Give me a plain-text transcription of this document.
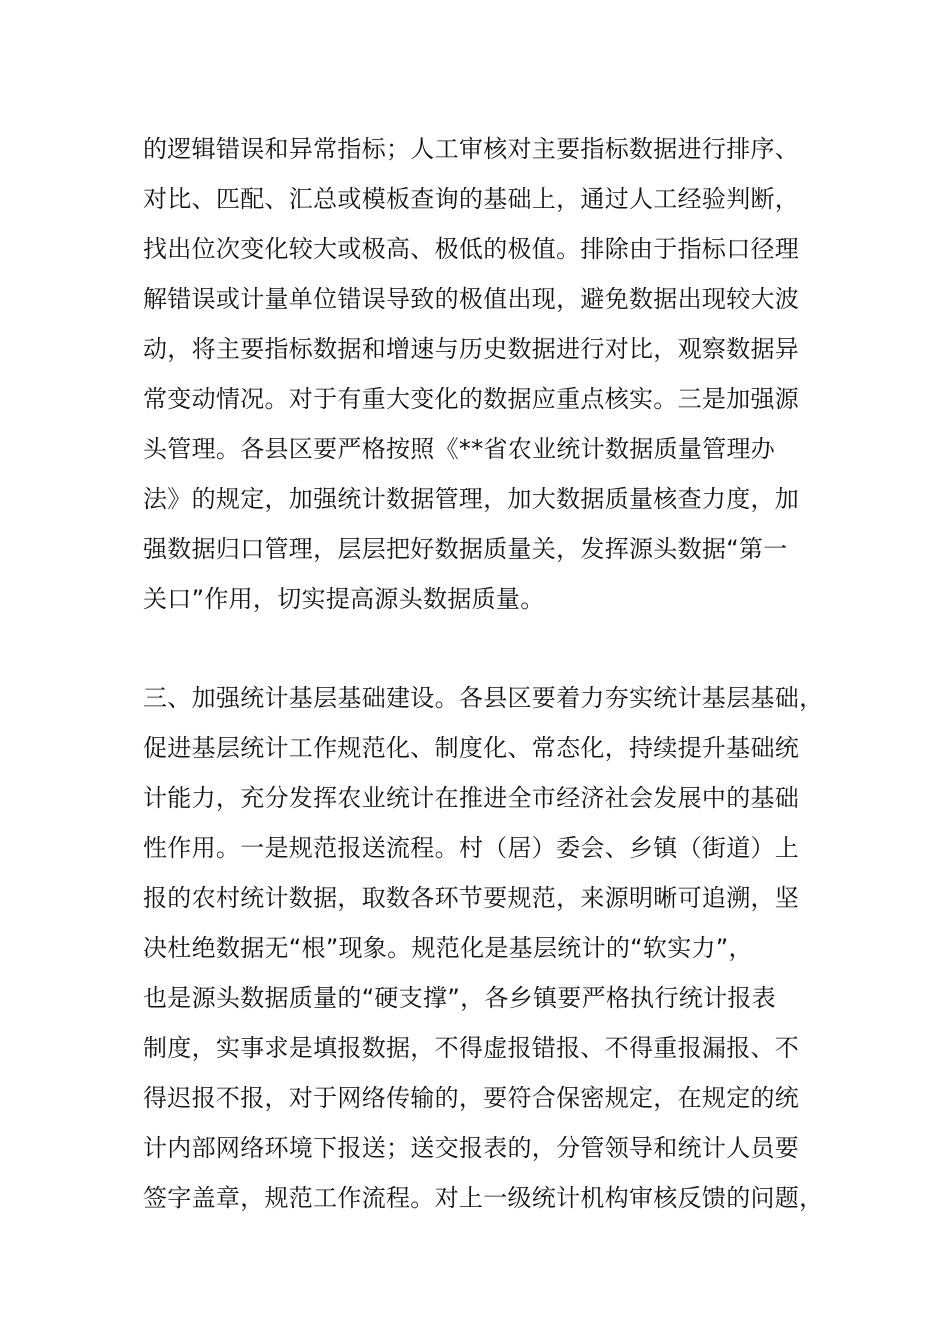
的逻辑错误和异常指标；人工审核对主要指标数据进行排序、
对比、匹配、汇总或模板查询的基础上，通过人工经验判断，
找出位次变化较大或极高、极低的极值。排除由于指标口径理
解错误或计量单位错误导致的极值出现，避免数据出现较大波
动，将主要指标数据和增速与历史数据进行对比，观察数据异
常变动情况。对于有重大变化的数据应重点核实。三是加强源
头管理。各县区要严格按照《**省农业统计数据质量管理办
法》的规定，加强统计数据管理，加大数据质量核查力度，加
强数据归口管理，层层把好数据质量关，发挥源头数据“第一
关口”作用，切实提高源头数据质量。
三、加强统计基层基础建设。各县区要着力夯实统计基层基础，
促进基层统计工作规范化、制度化、常态化，持续提升基础统
计能力，充分发挥农业统计在推进全市经济社会发展中的基础
性作用。一是规范报送流程。村（居）委会、乡镇（街道）上
报的农村统计数据，取数各环节要规范，来源明晰可追溯，坚
决杜绝数据无“根”现象。规范化是基层统计的“软实力”，
也是源头数据质量的“硬支撑”，各乡镇要严格执行统计报表
制度，实事求是填报数据，不得虚报错报、不得重报漏报、不
得迟报不报，对于网络传输的，要符合保密规定，在规定的统
计内部网络环境下报送；送交报表的，分管领导和统计人员要
签字盖章，规范工作流程。对上一级统计机构审核反馈的问题，
